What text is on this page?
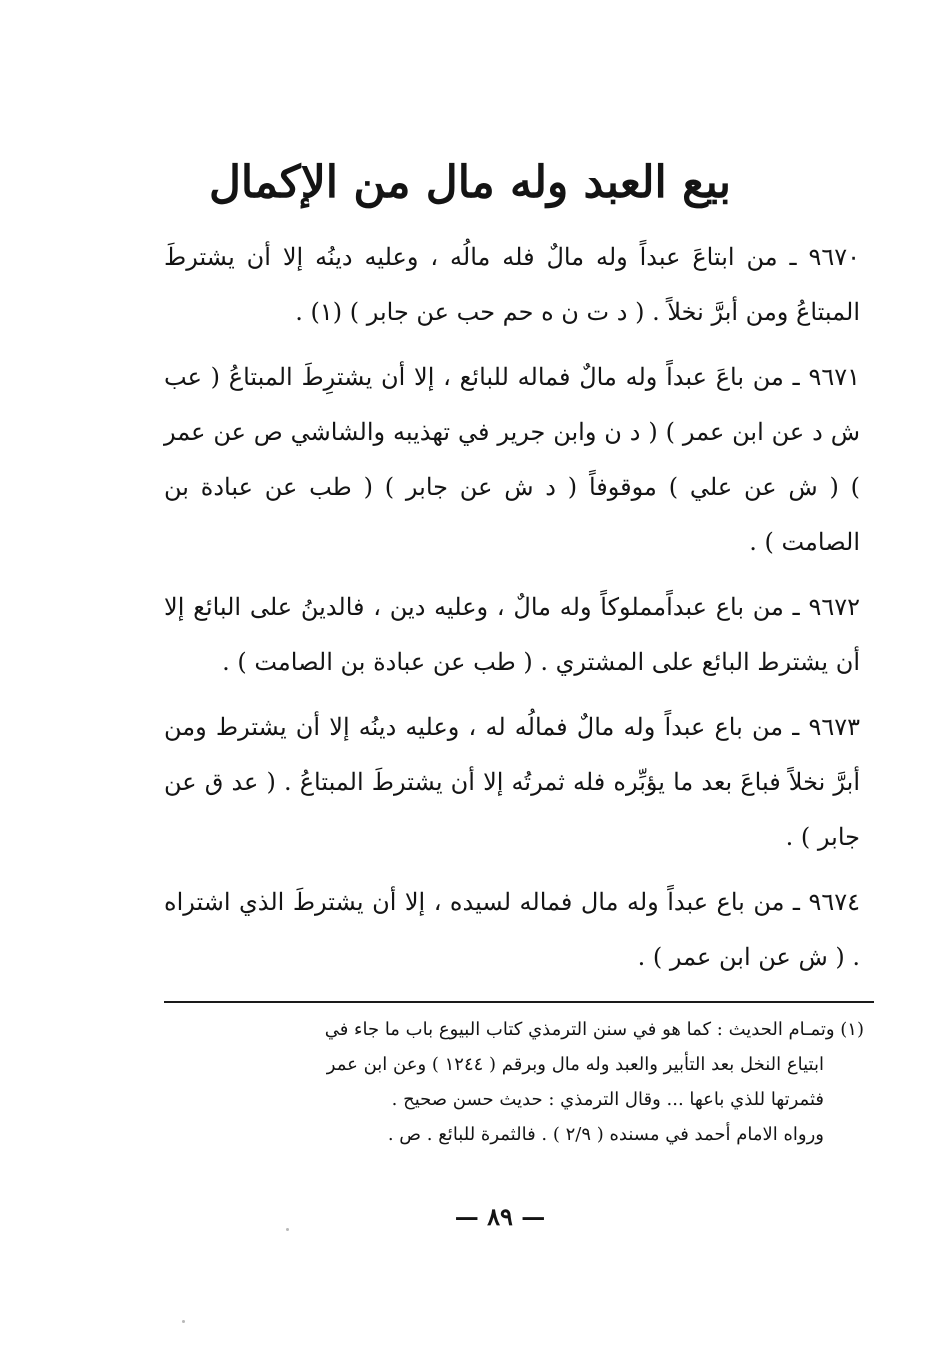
بيع العبد وله مال من الإكمال

٩٦٧٠ ـ من ابتاعَ عبداً وله مالٌ فله مالُه ، وعليه دينُه إلا أن يشترطَ المبتاعُ ومن أبرَّ نخلاً . ( د ت ن ه حم حب عن جابر ) (١) .

٩٦٧١ ـ من باعَ عبداً وله مالٌ فماله للبائع ، إلا أن يشترِطَ المبتاعُ ( عب ش د عن ابن عمر ) ( د ن وابن جرير في تهذيبه والشاشي ص عن عمر ) ( ش عن علي ) موقوفاً ( د ش عن جابر ) ( طب عن عبادة بن الصامت ) .

٩٦٧٢ ـ من باع عبداًمملوكاً وله مالٌ ، وعليه دين ، فالدينُ على البائع إلا أن يشترط البائع على المشتري . ( طب عن عبادة بن الصامت ) .

٩٦٧٣ ـ من باع عبداً وله مالٌ فمالُه له ، وعليه دينُه إلا أن يشترط ومن أبرَّ نخلاً فباعَ بعد ما يؤبِّره فله ثمرتُه إلا أن يشترطَ المبتاعُ . ( عد ق عن جابر ) .

٩٦٧٤ ـ من باع عبداً وله مال فماله لسيده ، إلا أن يشترطَ الذي اشتراه . ( ش عن ابن عمر ) .

(١) وتمـام الحديث : كما هو في سنن الترمذي كتاب البيوع باب ما جاء في

ابتياع النخل بعد التأبير والعبد وله مال وبرقم ( ١٢٤٤ ) وعن ابن عمر

فثمرتها للذي باعها ... وقال الترمذي : حديث حسن صحيح .

ورواه الامام أحمد في مسنده ( ٢/٩ ) . فالثمرة للبائع . ص .

— ٨٩ —
